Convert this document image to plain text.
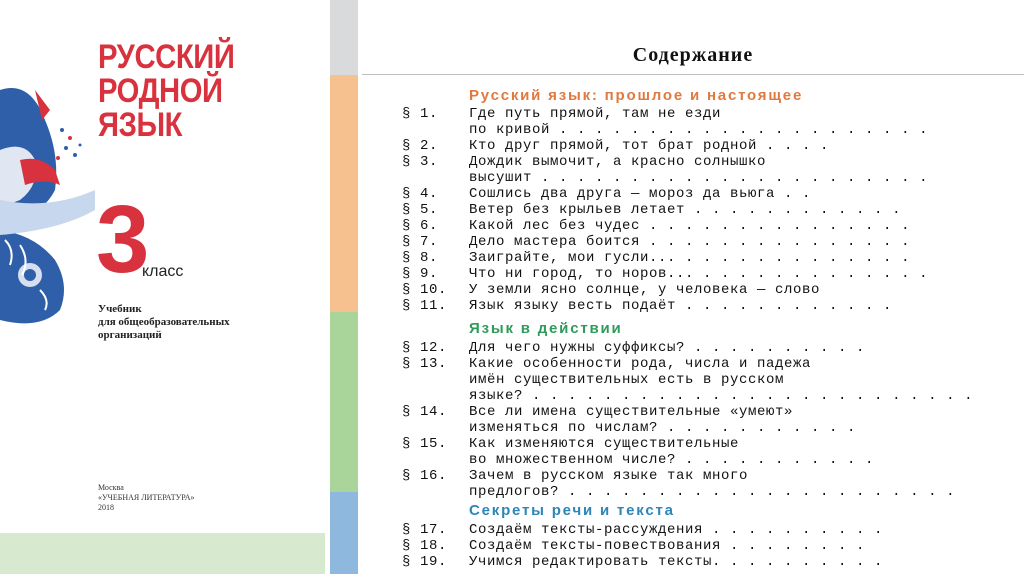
РУССКИЙ
РОДНОЙ
ЯЗЫК
3
класс
Учебник
для общеобразовательных
организаций
Москва
«УЧЕБНАЯ ЛИТЕРАТУРА»
2018
Содержание
Русский язык: прошлое и настоящее
§ 1. Где путь прямой, там не езди
по кривой . . . . . . . . . . . . . . . . . . . . .
§ 2. Кто друг прямой, тот брат родной . . . .
§ 3. Дождик вымочит, а красно солнышко
высушит . . . . . . . . . . . . . . . . . . . . . .
§ 4. Сошлись два друга — мороз да вьюга . .
§ 5. Ветер без крыльев летает . . . . . . . . . . . .
§ 6. Какой лес без чудес . . . . . . . . . . . . . . .
§ 7. Дело мастера боится . . . . . . . . . . . . . . .
§ 8. Заиграйте, мои гусли... . . . . . . . . . . . . .
§ 9. Что ни город, то норов... . . . . . . . . . . . . .
§ 10. У земли ясно солнце, у человека — слово
§ 11. Язык языку весть подаёт . . . . . . . . . . . .
Язык в действии
§ 12. Для чего нужны суффиксы? . . . . . . . . . .
§ 13. Какие особенности рода, числа и падежа
имён существительных есть в русском
языке? . . . . . . . . . . . . . . . . . . . . . . . . .
§ 14. Все ли имена существительные «умеют»
изменяться по числам? . . . . . . . . . . .
§ 15. Как изменяются существительные
во множественном числе? . . . . . . . . . . .
§ 16. Зачем в русском языке так много
предлогов? . . . . . . . . . . . . . . . . . . . . . .
Секреты речи и текста
§ 17. Создаём тексты-рассуждения . . . . . . . . . .
§ 18. Создаём тексты-повествования . . . . . . . .
§ 19. Учимся редактировать тексты. . . . . . . . . .
